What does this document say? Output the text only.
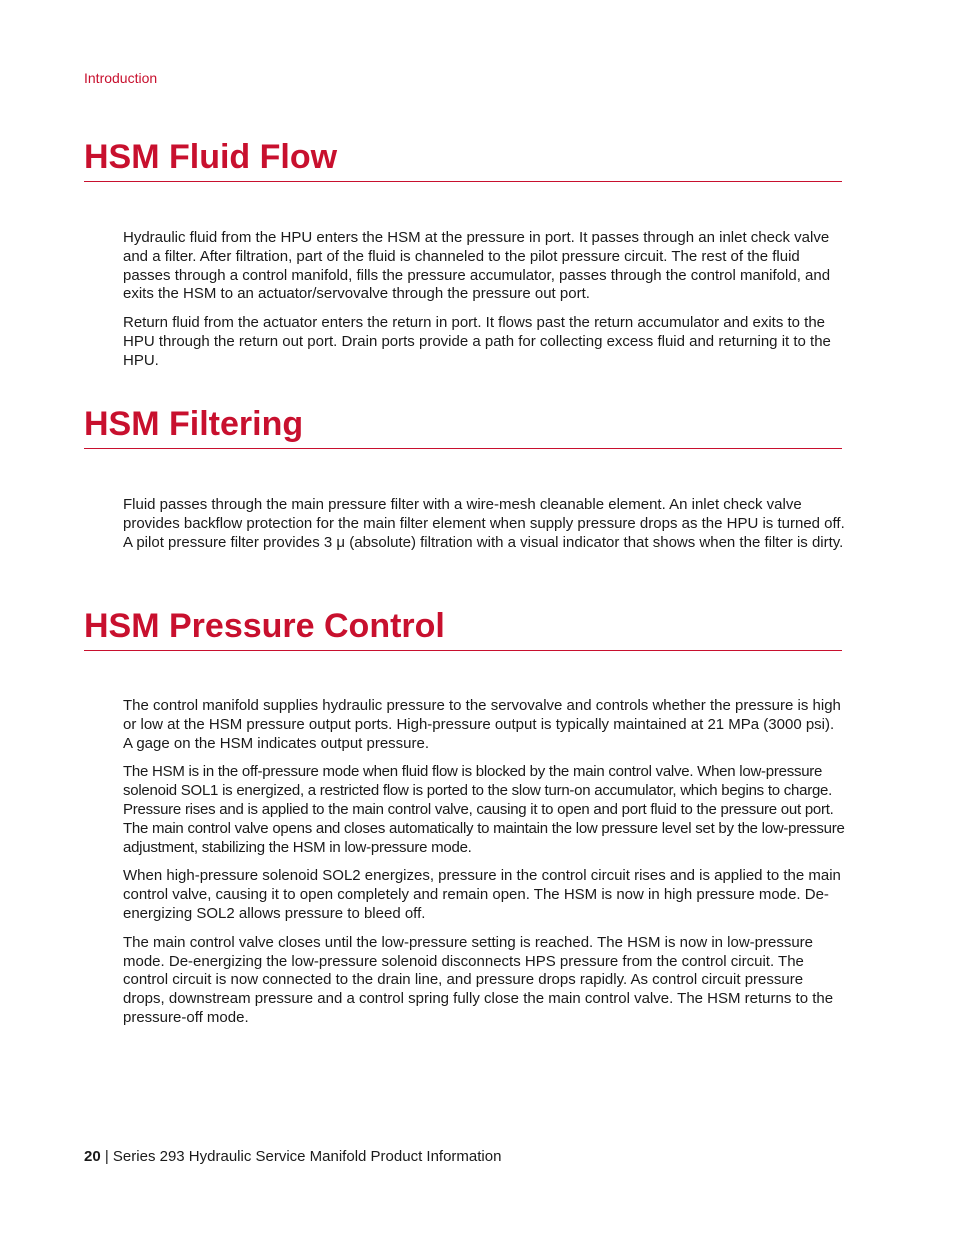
Introduction
HSM Fluid Flow

Hydraulic fluid from the HPU enters the HSM at the pressure in port. It passes through an inlet check valve and a filter. After filtration, part of the fluid is channeled to the pilot pressure circuit. The rest of the fluid passes through a control manifold, fills the pressure accumulator, passes through the control manifold, and exits the HSM to an actuator/servovalve through the pressure out port.

Return fluid from the actuator enters the return in port. It flows past the return accumulator and exits to the HPU through the return out port. Drain ports provide a path for collecting excess fluid and returning it to the HPU.

HSM Filtering

Fluid passes through the main pressure filter with a wire-mesh cleanable element. An inlet check valve provides backflow protection for the main filter element when supply pressure drops as the HPU is turned off. A pilot pressure filter provides 3 μ (absolute) filtration with a visual indicator that shows when the filter is dirty.

HSM Pressure Control

The control manifold supplies hydraulic pressure to the servovalve and controls whether the pressure is high or low at the HSM pressure output ports. High-pressure output is typically maintained at 21 MPa (3000 psi). A gage on the HSM indicates output pressure.

The HSM is in the off-pressure mode when fluid flow is blocked by the main control valve. When low-pressure solenoid SOL1 is energized, a restricted flow is ported to the slow turn-on accumulator, which begins to charge. Pressure rises and is applied to the main control valve, causing it to open and port fluid to the pressure out port. The main control valve opens and closes automatically to maintain the low pressure level set by the low-pressure adjustment, stabilizing the HSM in low-pressure mode.

When high-pressure solenoid SOL2 energizes, pressure in the control circuit rises and is applied to the main control valve, causing it to open completely and remain open. The HSM is now in high pressure mode. De-energizing SOL2 allows pressure to bleed off.

The main control valve closes until the low-pressure setting is reached. The HSM is now in low-pressure mode. De-energizing the low-pressure solenoid disconnects HPS pressure from the control circuit. The control circuit is now connected to the drain line, and pressure drops rapidly. As control circuit pressure drops, downstream pressure and a control spring fully close the main control valve. The HSM returns to the pressure-off mode.

20 | Series 293 Hydraulic Service Manifold Product Information
